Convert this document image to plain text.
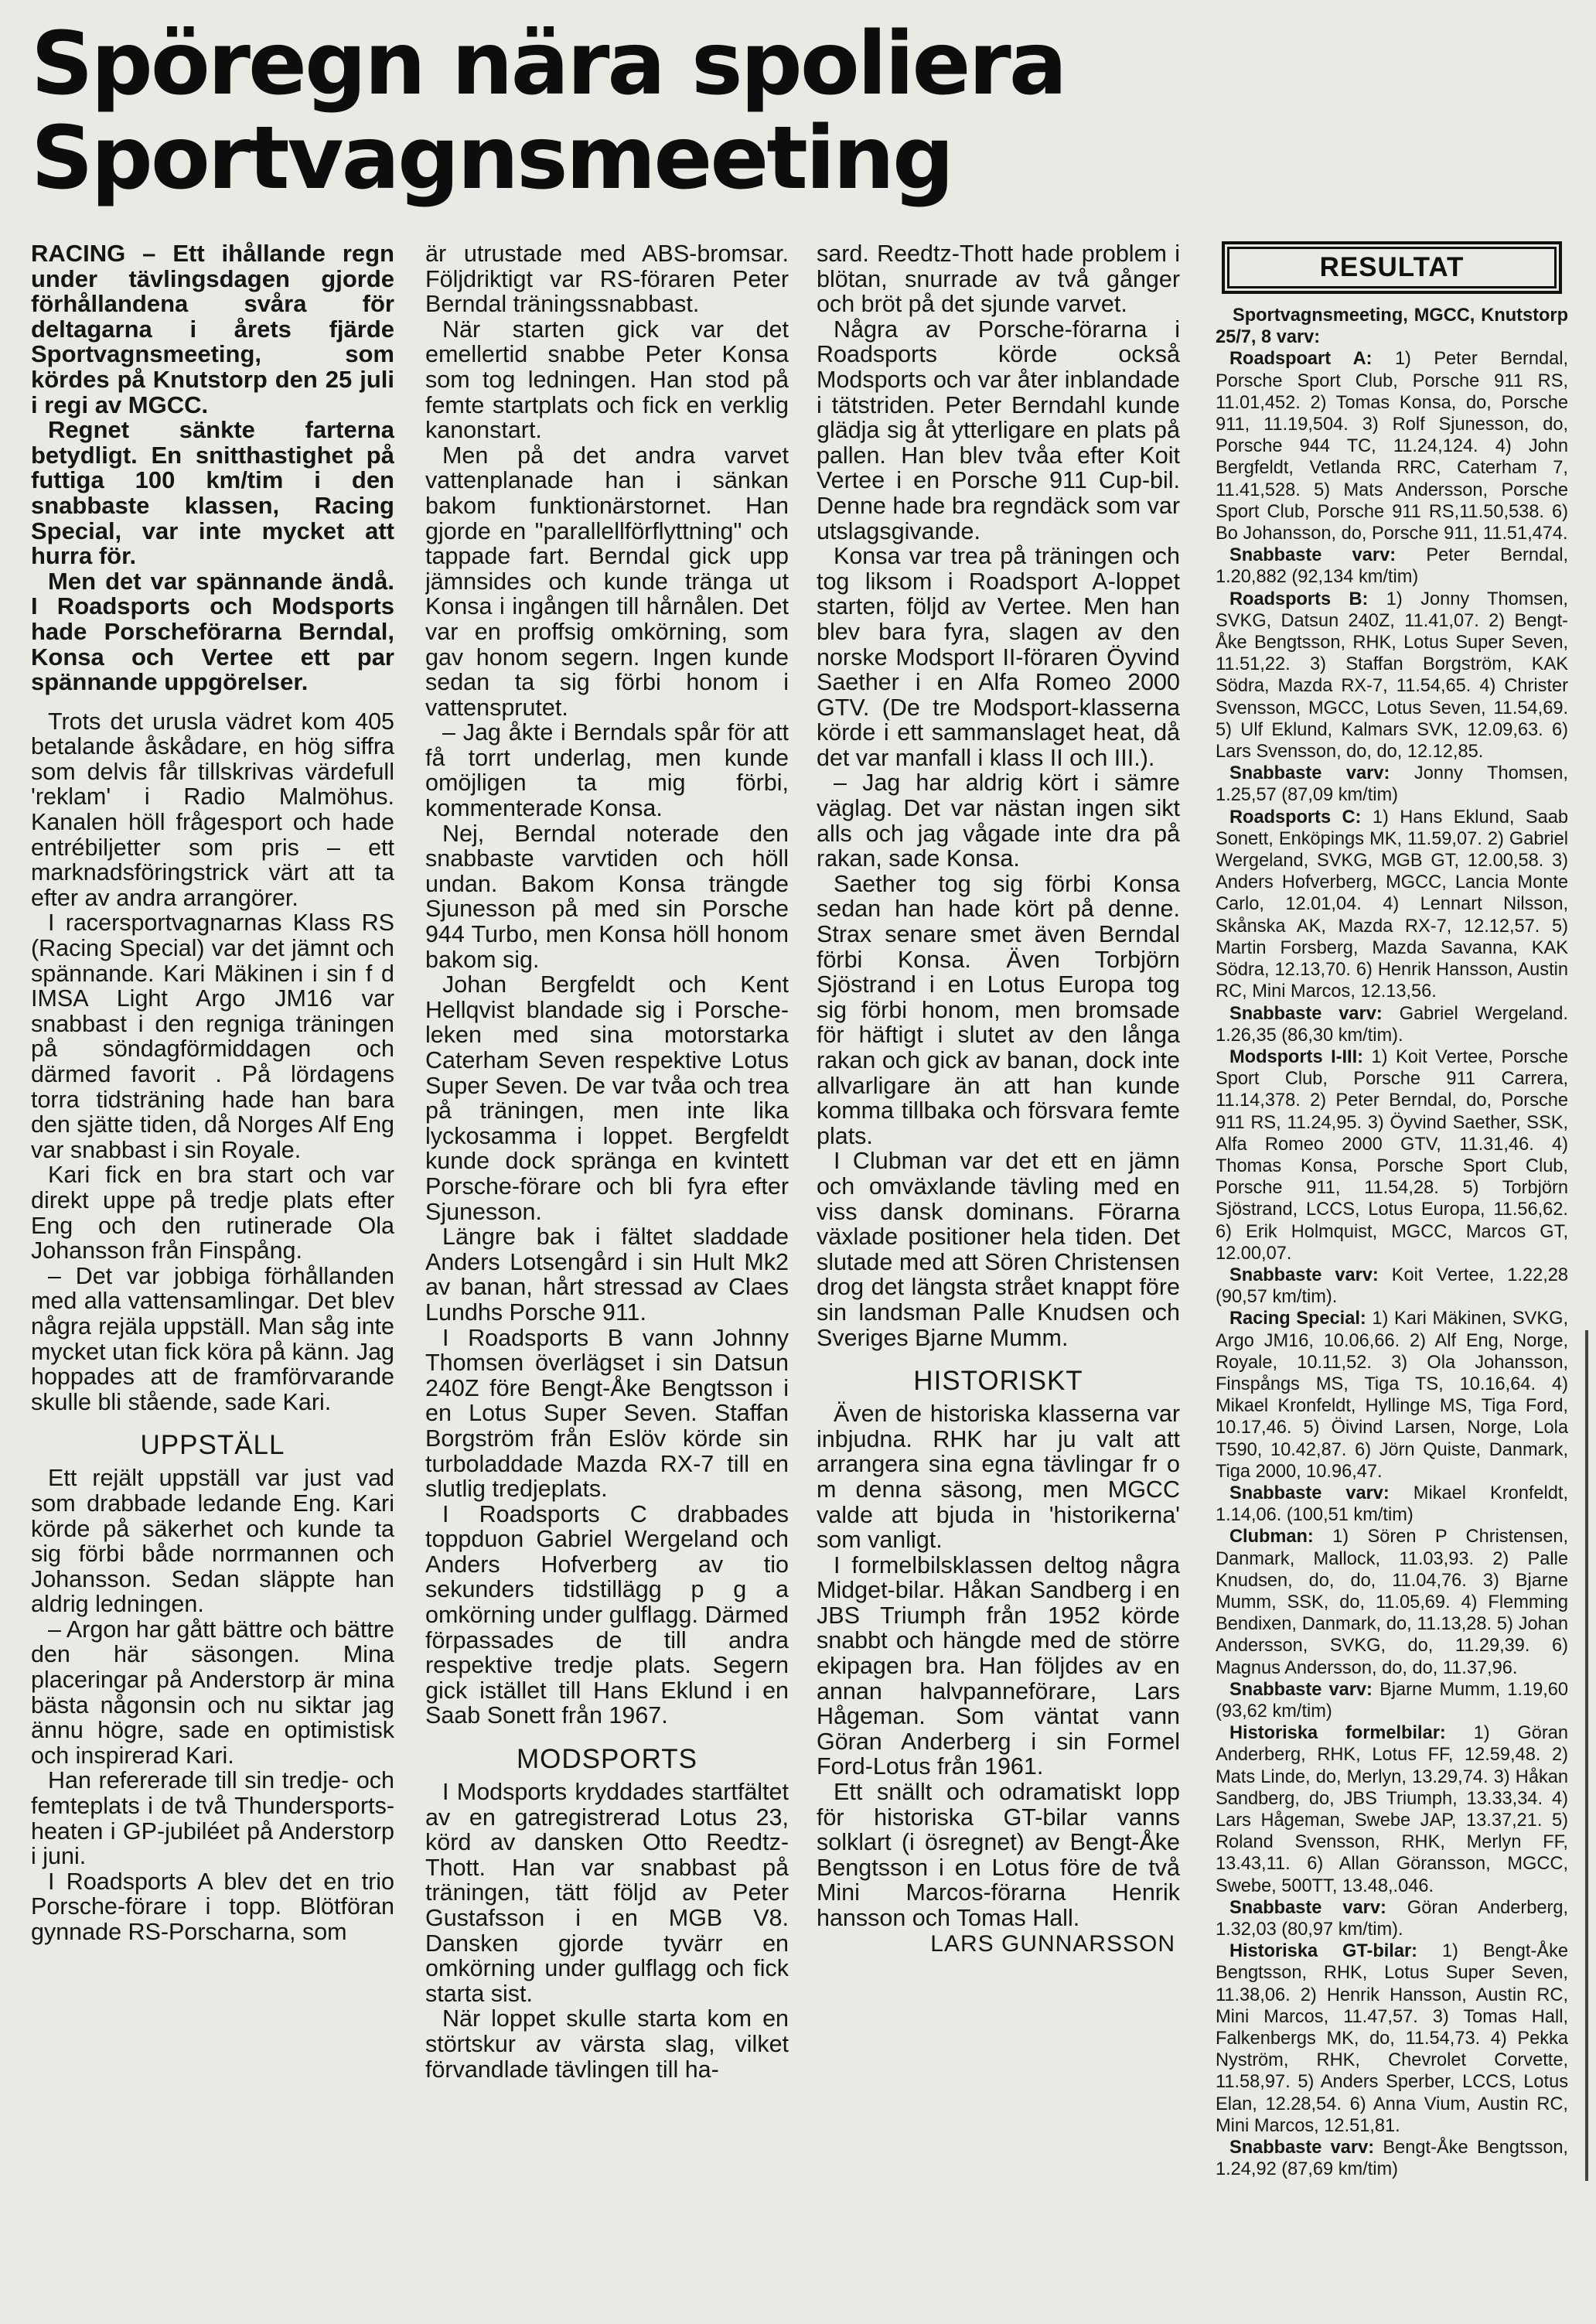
Spöregn nära spoliera
Sportvagnsmeeting

RACING – Ett ihållande regn under tävlingsdagen gjorde förhållandena svåra för deltagarna i årets fjärde Sportvagnsmeeting, som kördes på Knutstorp den 25 juli i regi av MGCC.

Regnet sänkte farterna betydligt. En snitthastighet på futtiga 100 km/tim i den snabbaste klassen, Racing Special, var inte mycket att hurra för.

Men det var spännande ändå. I Roadsports och Modsports hade Porscheförarna Berndal, Konsa och Vertee ett par spännande uppgörelser.

Trots det urusla vädret kom 405 betalande åskådare, en hög siffra som delvis får tillskrivas värdefull 'reklam' i Radio Malmöhus. Kanalen höll frågesport och hade entrébiljetter som pris – ett marknadsföringstrick värt att ta efter av andra arrangörer.

I racersportvagnarnas Klass RS (Racing Special) var det jämnt och spännande. Kari Mäkinen i sin f d IMSA Light Argo JM16 var snabbast i den regniga träningen på söndagförmiddagen och därmed favorit . På lördagens torra tidsträning hade han bara den sjätte tiden, då Norges Alf Eng var snabbast i sin Royale.

Kari fick en bra start och var direkt uppe på tredje plats efter Eng och den rutinerade Ola Johansson från Finspång.

– Det var jobbiga förhållanden med alla vattensamlingar. Det blev några rejäla uppställ. Man såg inte mycket utan fick köra på känn. Jag hoppades att de framförvarande skulle bli stående, sade Kari.

UPPSTÄLL

Ett rejält uppställ var just vad som drabbade ledande Eng. Kari körde på säkerhet och kunde ta sig förbi både norrmannen och Johansson. Sedan släppte han aldrig ledningen.

– Argon har gått bättre och bättre den här säsongen. Mina placeringar på Anderstorp är mina bästa någonsin och nu siktar jag ännu högre, sade en optimistisk och inspirerad Kari.

Han refererade till sin tredje- och femteplats i de två Thundersports-heaten i GP-jubiléet på Anderstorp i juni.

I Roadsports A blev det en trio Porsche-förare i topp. Blötföran gynnade RS-Porscharna, som

är utrustade med ABS-bromsar. Följdriktigt var RS-föraren Peter Berndal träningssnabbast.

När starten gick var det emellertid snabbe Peter Konsa som tog ledningen. Han stod på femte startplats och fick en verklig kanonstart.

Men på det andra varvet vattenplanade han i sänkan bakom funktionärstornet. Han gjorde en "parallellförflyttning" och tappade fart. Berndal gick upp jämnsides och kunde tränga ut Konsa i ingången till hårnålen. Det var en proffsig omkörning, som gav honom segern. Ingen kunde sedan ta sig förbi honom i vattensprutet.

– Jag åkte i Berndals spår för att få torrt underlag, men kunde omöjligen ta mig förbi, kommenterade Konsa.

Nej, Berndal noterade den snabbaste varvtiden och höll undan. Bakom Konsa trängde Sjunesson på med sin Porsche 944 Turbo, men Konsa höll honom bakom sig.

Johan Bergfeldt och Kent Hellqvist blandade sig i Porsche-leken med sina motorstarka Caterham Seven respektive Lotus Super Seven. De var tvåa och trea på träningen, men inte lika lyckosamma i loppet. Bergfeldt kunde dock spränga en kvintett Porsche-förare och bli fyra efter Sjunesson.

Längre bak i fältet sladdade Anders Lotsengård i sin Hult Mk2 av banan, hårt stressad av Claes Lundhs Porsche 911.

I Roadsports B vann Johnny Thomsen överlägset i sin Datsun 240Z före Bengt-Åke Bengtsson i en Lotus Super Seven. Staffan Borgström från Eslöv körde sin turboladdade Mazda RX-7 till en slutlig tredjeplats.

I Roadsports C drabbades toppduon Gabriel Wergeland och Anders Hofverberg av tio sekunders tidstillägg p g a omkörning under gulflagg. Därmed förpassades de till andra respektive tredje plats. Segern gick istället till Hans Eklund i en Saab Sonett från 1967.

MODSPORTS

I Modsports kryddades startfältet av en gatregistrerad Lotus 23, körd av dansken Otto Reedtz-Thott. Han var snabbast på träningen, tätt följd av Peter Gustafsson i en MGB V8. Dansken gjorde tyvärr en omkörning under gulflagg och fick starta sist.

När loppet skulle starta kom en störtskur av värsta slag, vilket förvandlade tävlingen till ha-

sard. Reedtz-Thott hade problem i blötan, snurrade av två gånger och bröt på det sjunde varvet.

Några av Porsche-förarna i Roadsports körde också Modsports och var åter inblandade i tätstriden. Peter Berndahl kunde glädja sig åt ytterligare en plats på pallen. Han blev tvåa efter Koit Vertee i en Porsche 911 Cup-bil. Denne hade bra regndäck som var utslagsgivande.

Konsa var trea på träningen och tog liksom i Roadsport A-loppet starten, följd av Vertee. Men han blev bara fyra, slagen av den norske Modsport II-föraren Öyvind Saether i en Alfa Romeo 2000 GTV. (De tre Modsport-klasserna körde i ett sammanslaget heat, då det var manfall i klass II och III.).

– Jag har aldrig kört i sämre väglag. Det var nästan ingen sikt alls och jag vågade inte dra på rakan, sade Konsa.

Saether tog sig förbi Konsa sedan han hade kört på denne. Strax senare smet även Berndal förbi Konsa. Även Torbjörn Sjöstrand i en Lotus Europa tog sig förbi honom, men bromsade för häftigt i slutet av den långa rakan och gick av banan, dock inte allvarligare än att han kunde komma tillbaka och försvara femte plats.

I Clubman var det ett en jämn och omväxlande tävling med en viss dansk dominans. Förarna växlade positioner hela tiden. Det slutade med att Sören Christensen drog det längsta strået knappt före sin landsman Palle Knudsen och Sveriges Bjarne Mumm.

HISTORISKT

Även de historiska klasserna var inbjudna. RHK har ju valt att arrangera sina egna tävlingar fr o m denna säsong, men MGCC valde att bjuda in 'historikerna' som vanligt.

I formelbilsklassen deltog några Midget-bilar. Håkan Sandberg i en JBS Triumph från 1952 körde snabbt och hängde med de större ekipagen bra. Han följdes av en annan halvpanneförare, Lars Hågeman. Som väntat vann Göran Anderberg i sin Formel Ford-Lotus från 1961.

Ett snällt och odramatiskt lopp för historiska GT-bilar vanns solklart (i ösregnet) av Bengt-Åke Bengtsson i en Lotus före de två Mini Marcos-förarna Henrik hansson och Tomas Hall.

LARS GUNNARSSON
RESULTAT

Sportvagnsmeeting, MGCC, Knutstorp 25/7, 8 varv:

Roadspoart A: 1) Peter Berndal, Porsche Sport Club, Porsche 911 RS, 11.01,452. 2) Tomas Konsa, do, Porsche 911, 11.19,504. 3) Rolf Sjunesson, do, Porsche 944 TC, 11.24,124. 4) John Bergfeldt, Vetlanda RRC, Caterham 7, 11.41,528. 5) Mats Andersson, Porsche Sport Club, Porsche 911 RS,11.50,538. 6) Bo Johansson, do, Porsche 911, 11.51,474.

Snabbaste varv: Peter Berndal, 1.20,882 (92,134 km/tim)

Roadsports B: 1) Jonny Thomsen, SVKG, Datsun 240Z, 11.41,07. 2) Bengt-Åke Bengtsson, RHK, Lotus Super Seven, 11.51,22. 3) Staffan Borgström, KAK Södra, Mazda RX-7, 11.54,65. 4) Christer Svensson, MGCC, Lotus Seven, 11.54,69. 5) Ulf Eklund, Kalmars SVK, 12.09,63. 6) Lars Svensson, do, do, 12.12,85.

Snabbaste varv: Jonny Thomsen, 1.25,57 (87,09 km/tim)

Roadsports C: 1) Hans Eklund, Saab Sonett, Enköpings MK, 11.59,07. 2) Gabriel Wergeland, SVKG, MGB GT, 12.00,58. 3) Anders Hofverberg, MGCC, Lancia Monte Carlo, 12.01,04. 4) Lennart Nilsson, Skånska AK, Mazda RX-7, 12.12,57. 5) Martin Forsberg, Mazda Savanna, KAK Södra, 12.13,70. 6) Henrik Hansson, Austin RC, Mini Marcos, 12.13,56.

Snabbaste varv: Gabriel Wergeland. 1.26,35 (86,30 km/tim).

Modsports I-III: 1) Koit Vertee, Porsche Sport Club, Porsche 911 Carrera, 11.14,378. 2) Peter Berndal, do, Porsche 911 RS, 11.24,95. 3) Öyvind Saether, SSK, Alfa Romeo 2000 GTV, 11.31,46. 4) Thomas Konsa, Porsche Sport Club, Porsche 911, 11.54,28. 5) Torbjörn Sjöstrand, LCCS, Lotus Europa, 11.56,62. 6) Erik Holmquist, MGCC, Marcos GT, 12.00,07.

Snabbaste varv: Koit Vertee, 1.22,28 (90,57 km/tim).

Racing Special: 1) Kari Mäkinen, SVKG, Argo JM16, 10.06,66. 2) Alf Eng, Norge, Royale, 10.11,52. 3) Ola Johansson, Finspångs MS, Tiga TS, 10.16,64. 4) Mikael Kronfeldt, Hyllinge MS, Tiga Ford, 10.17,46. 5) Öivind Larsen, Norge, Lola T590, 10.42,87. 6) Jörn Quiste, Danmark, Tiga 2000, 10.96,47.

Snabbaste varv: Mikael Kronfeldt, 1.14,06. (100,51 km/tim)

Clubman: 1) Sören P Christensen, Danmark, Mallock, 11.03,93. 2) Palle Knudsen, do, do, 11.04,76. 3) Bjarne Mumm, SSK, do, 11.05,69. 4) Flemming Bendixen, Danmark, do, 11.13,28. 5) Johan Andersson, SVKG, do, 11.29,39. 6) Magnus Andersson, do, do, 11.37,96.

Snabbaste varv: Bjarne Mumm, 1.19,60 (93,62 km/tim)

Historiska formelbilar: 1) Göran Anderberg, RHK, Lotus FF, 12.59,48. 2) Mats Linde, do, Merlyn, 13.29,74. 3) Håkan Sandberg, do, JBS Triumph, 13.33,34. 4) Lars Hågeman, Swebe JAP, 13.37,21. 5) Roland Svensson, RHK, Merlyn FF, 13.43,11. 6) Allan Göransson, MGCC, Swebe, 500TT, 13.48,.046.

Snabbaste varv: Göran Anderberg, 1.32,03 (80,97 km/tim).

Historiska GT-bilar: 1) Bengt-Åke Bengtsson, RHK, Lotus Super Seven, 11.38,06. 2) Henrik Hansson, Austin RC, Mini Marcos, 11.47,57. 3) Tomas Hall, Falkenbergs MK, do, 11.54,73. 4) Pekka Nyström, RHK, Chevrolet Corvette, 11.58,97. 5) Anders Sperber, LCCS, Lotus Elan, 12.28,54. 6) Anna Vium, Austin RC, Mini Marcos, 12.51,81.

Snabbaste varv: Bengt-Åke Bengtsson, 1.24,92 (87,69 km/tim)
